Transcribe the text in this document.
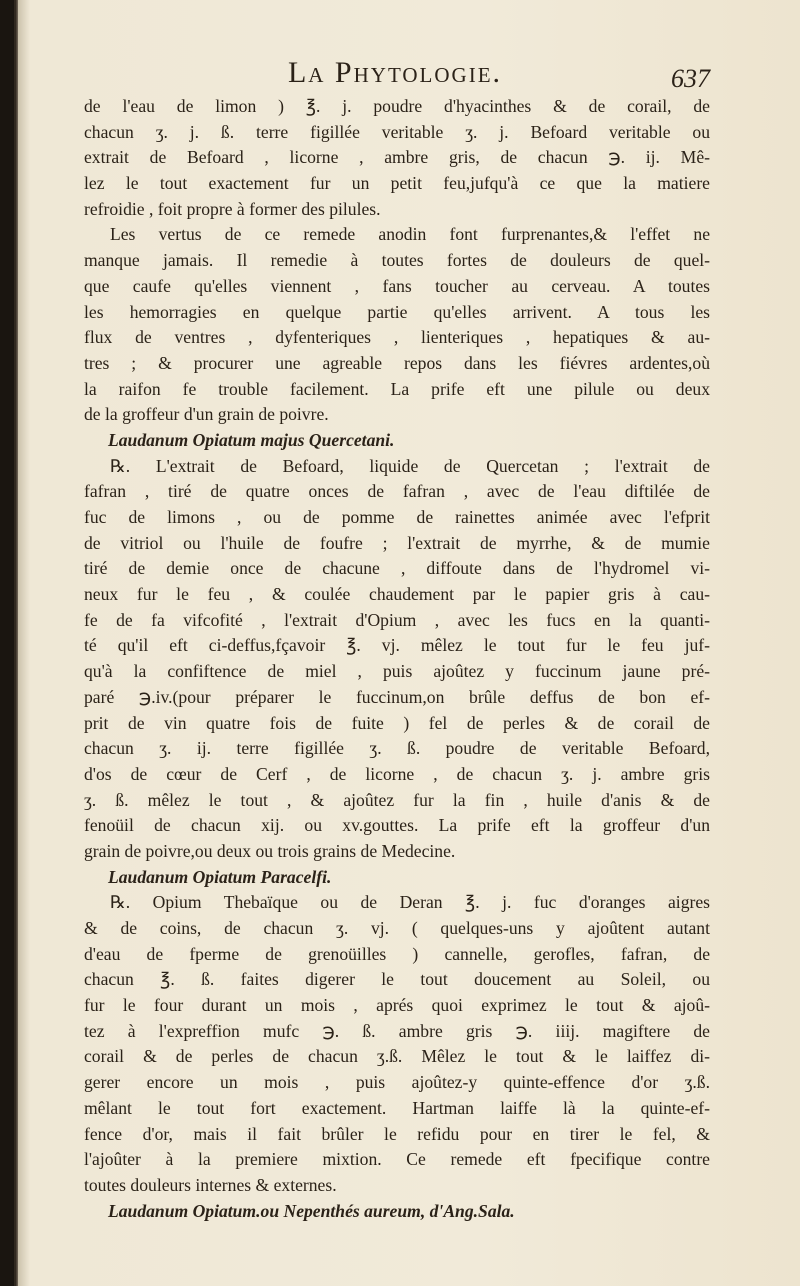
La Phytologie.	637
de l'eau de limon ) ℥. j. poudre d'hyacinthes & de corail, de
chacun ʒ. j. ß. terre figillée veritable ʒ. j. Befoard veritable ou
extrait de Befoard , licorne , ambre gris, de chacun ℈. ij. Mê-
lez le tout exactement fur un petit feu,jufqu'à ce que la matiere
refroidie , foit propre à former des pilules.
Les vertus de ce remede anodin font furprenantes,& l'effet ne
manque jamais. Il remedie à toutes fortes de douleurs de quel-
que caufe qu'elles viennent , fans toucher au cerveau. A toutes
les hemorragies en quelque partie qu'elles arrivent. A tous les
flux de ventres , dyfenteriques , lienteriques , hepatiques & au-
tres ; & procurer une agreable repos dans les fiévres ardentes,où
la raifon fe trouble facilement. La prife eft une pilule ou deux
de la groffeur d'un grain de poivre.
Laudanum Opiatum majus Quercetani.
℞. L'extrait de Befoard, liquide de Quercetan ; l'extrait de
fafran , tiré de quatre onces de fafran , avec de l'eau diftilée de
fuc de limons , ou de pomme de rainettes animée avec l'efprit
de vitriol ou l'huile de foufre ; l'extrait de myrrhe, & de mumie
tiré de demie once de chacune , diffoute dans de l'hydromel vi-
neux fur le feu , & coulée chaudement par le papier gris à cau-
fe de fa vifcofité , l'extrait d'Opium , avec les fucs en la quanti-
té qu'il eft ci-deffus,fçavoir ℥. vj. mêlez le tout fur le feu juf-
qu'à la confiftence de miel , puis ajoûtez y fuccinum jaune pré-
paré ℈.iv.(pour préparer le fuccinum,on brûle deffus de bon ef-
prit de vin quatre fois de fuite ) fel de perles & de corail de
chacun ʒ. ij. terre figillée ʒ. ß. poudre de veritable Befoard,
d'os de cœur de Cerf , de licorne , de chacun ʒ. j. ambre gris
ʒ. ß. mêlez le tout , & ajoûtez fur la fin , huile d'anis & de
fenoüil de chacun xij. ou xv.gouttes. La prife eft la groffeur d'un
grain de poivre,ou deux ou trois grains de Medecine.
Laudanum Opiatum Paracelfi.
℞. Opium Thebaïque ou de Deran ℥. j. fuc d'oranges aigres
& de coins, de chacun ʒ. vj. ( quelques-uns y ajoûtent autant
d'eau de fperme de grenoüilles ) cannelle, gerofles, fafran, de
chacun ℥. ß. faites digerer le tout doucement au Soleil, ou
fur le four durant un mois , aprés quoi exprimez le tout & ajoû-
tez à l'expreffion mufc ℈. ß. ambre gris ℈. iiij. magiftere de
corail & de perles de chacun ʒ.ß. Mêlez le tout & le laiffez di-
gerer encore un mois , puis ajoûtez-y quinte-effence d'or ʒ.ß.
mêlant le tout fort exactement. Hartman laiffe là la quinte-ef-
fence d'or, mais il fait brûler le refidu pour en tirer le fel, &
l'ajoûter à la premiere mixtion. Ce remede eft fpecifique contre
toutes douleurs internes & externes.
Laudanum Opiatum.ou Nepenthés aureum, d'Ang.Sala.
